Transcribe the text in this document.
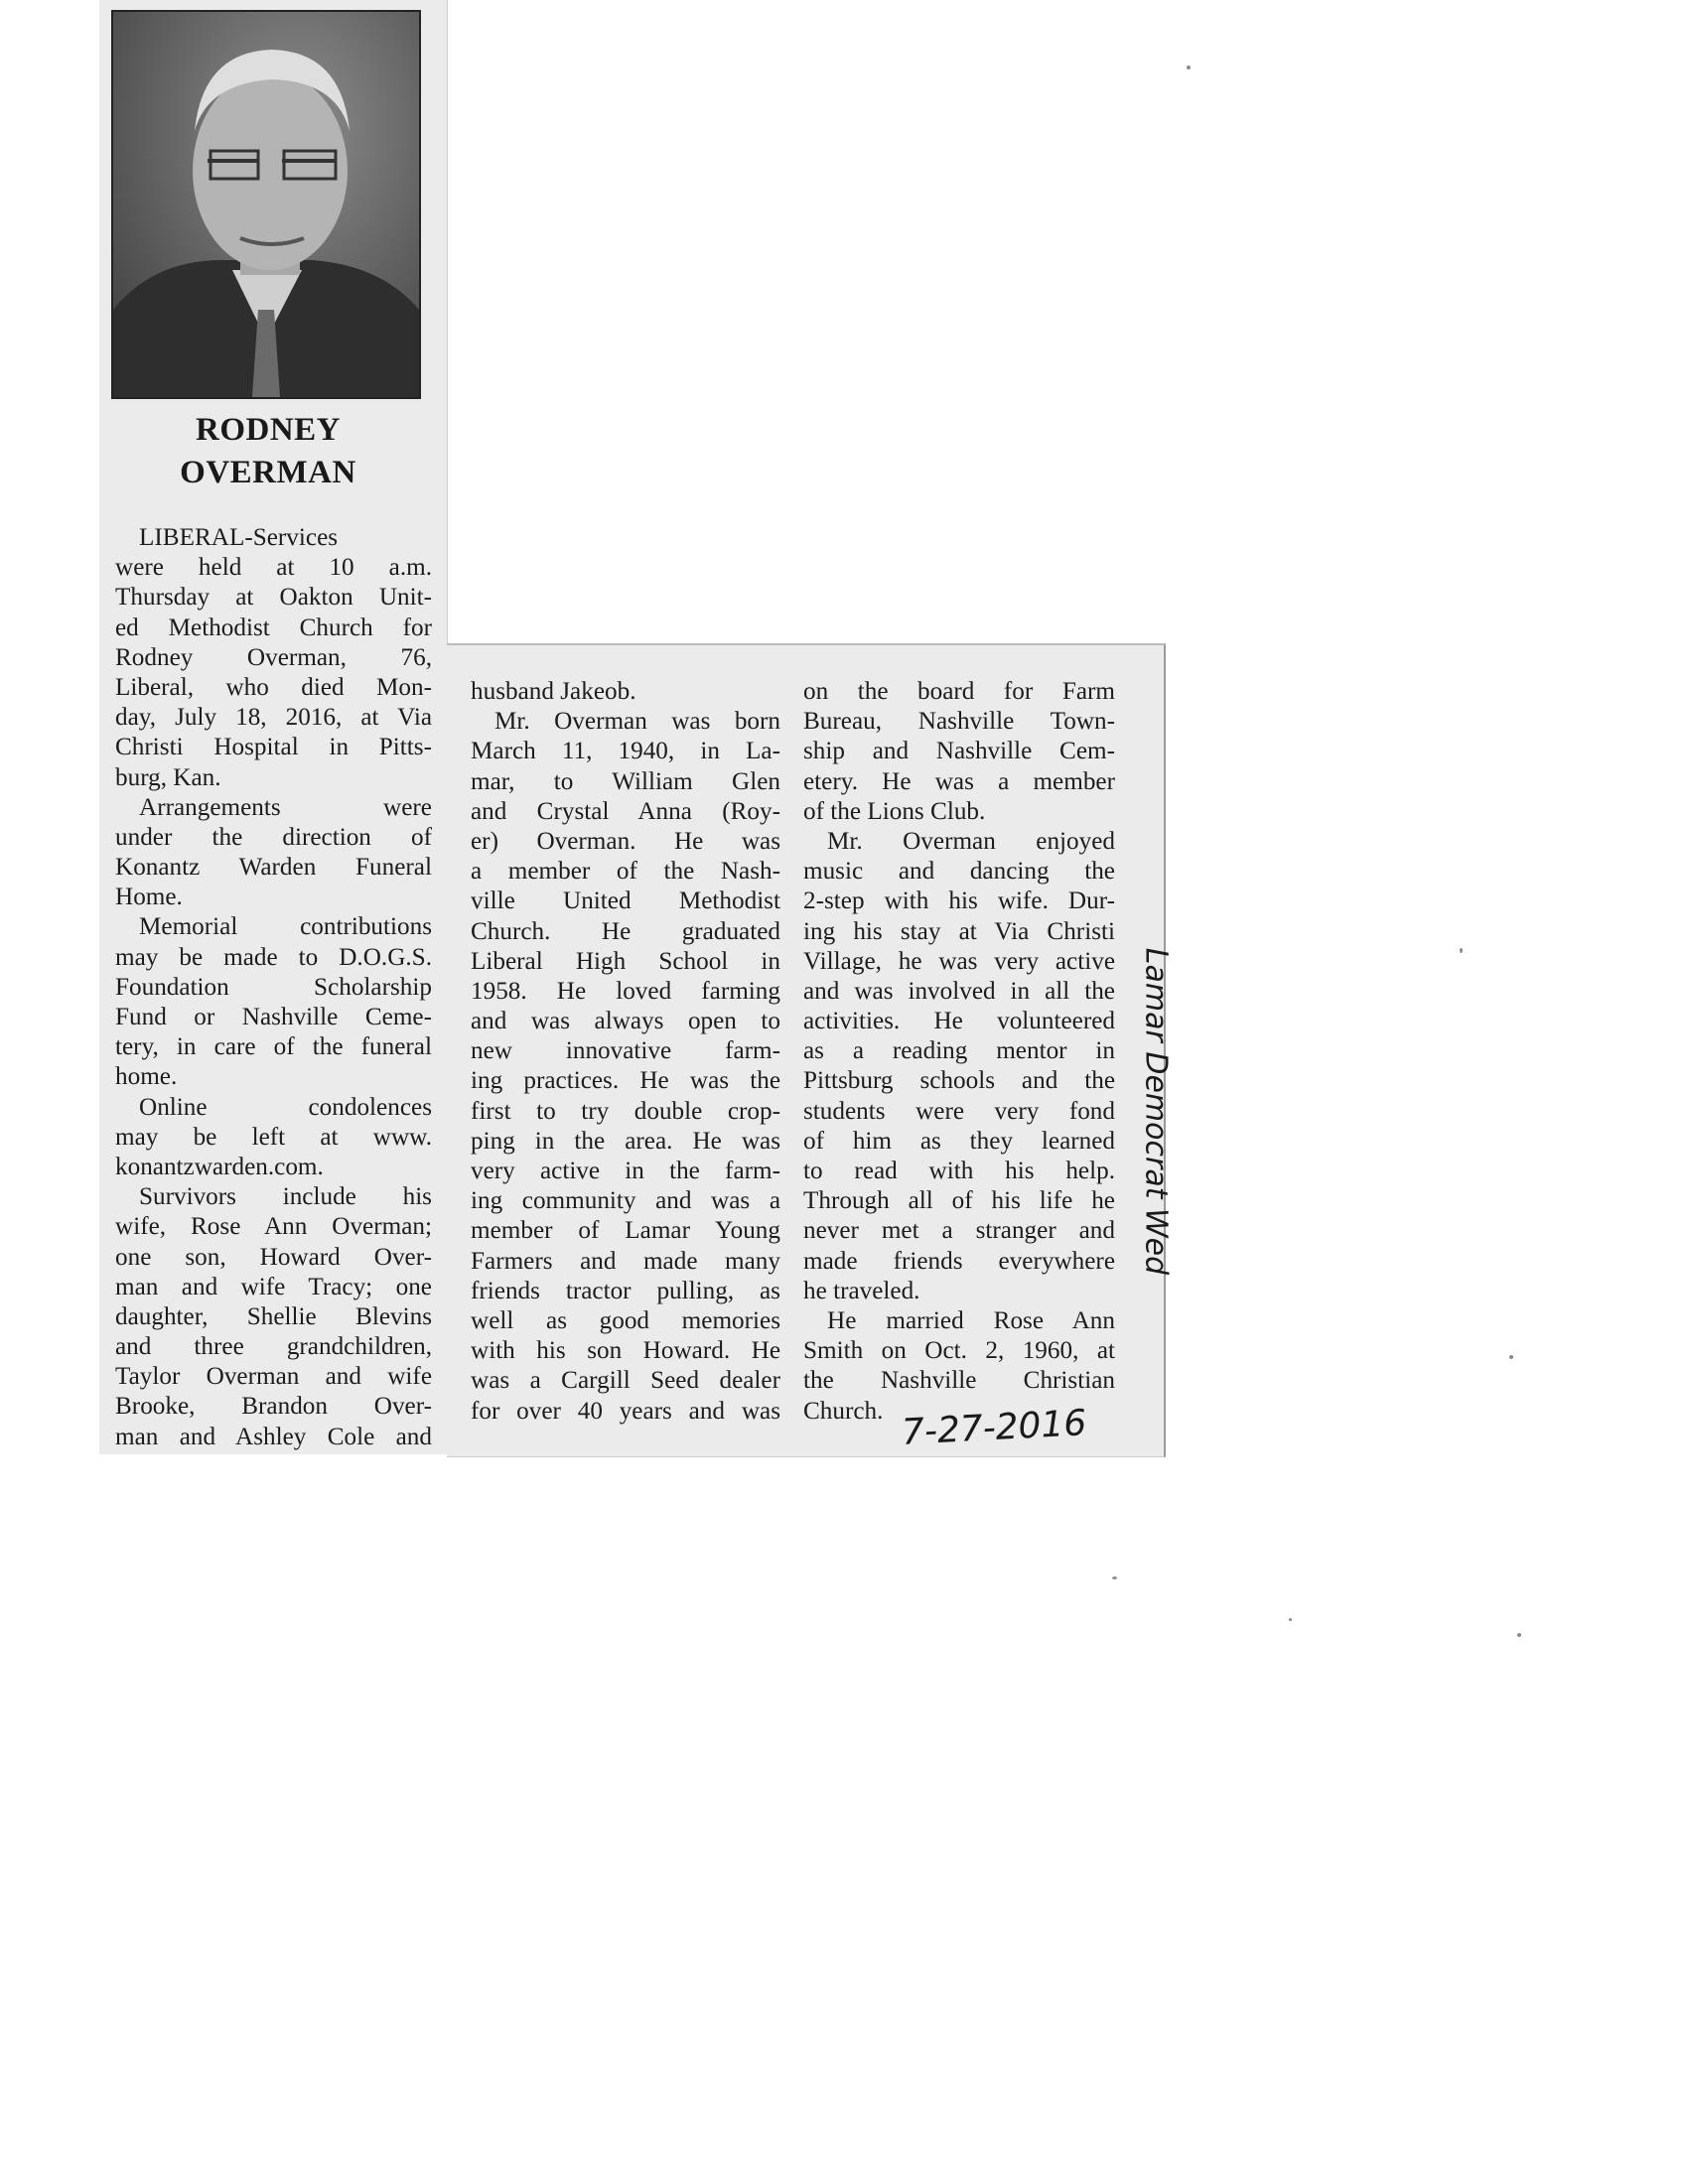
RODNEY
OVERMAN
LIBERAL-Services
were held at 10 a.m.
Thursday at Oakton Unit-
ed Methodist Church for
Rodney Overman, 76,
Liberal, who died Mon-
day, July 18, 2016, at Via
Christi Hospital in Pitts-
burg, Kan.
Arrangements were
under the direction of
Konantz Warden Funeral
Home.
Memorial contributions
may be made to D.O.G.S.
Foundation Scholarship
Fund or Nashville Ceme-
tery, in care of the funeral
home.
Online condolences
may be left at www.
konantzwarden.com.
Survivors include his
wife, Rose Ann Overman;
one son, Howard Over-
man and wife Tracy; one
daughter, Shellie Blevins
and three grandchildren,
Taylor Overman and wife
Brooke, Brandon Over-
man and Ashley Cole and
husband Jakeob.
Mr. Overman was born
March 11, 1940, in La-
mar, to William Glen
and Crystal Anna (Roy-
er) Overman. He was
a member of the Nash-
ville United Methodist
Church. He graduated
Liberal High School in
1958. He loved farming
and was always open to
new innovative farm-
ing practices. He was the
first to try double crop-
ping in the area. He was
very active in the farm-
ing community and was a
member of Lamar Young
Farmers and made many
friends tractor pulling, as
well as good memories
with his son Howard. He
was a Cargill Seed dealer
for over 40 years and was
on the board for Farm
Bureau, Nashville Town-
ship and Nashville Cem-
etery. He was a member
of the Lions Club.
Mr. Overman enjoyed
music and dancing the
2-step with his wife. Dur-
ing his stay at Via Christi
Village, he was very active
and was involved in all the
activities. He volunteered
as a reading mentor in
Pittsburg schools and the
students were very fond
of him as they learned
to read with his help.
Through all of his life he
never met a stranger and
made friends everywhere
he traveled.
He married Rose Ann
Smith on Oct. 2, 1960, at
the Nashville Christian
Church.
Lamar Democrat Wed
7-27-2016
